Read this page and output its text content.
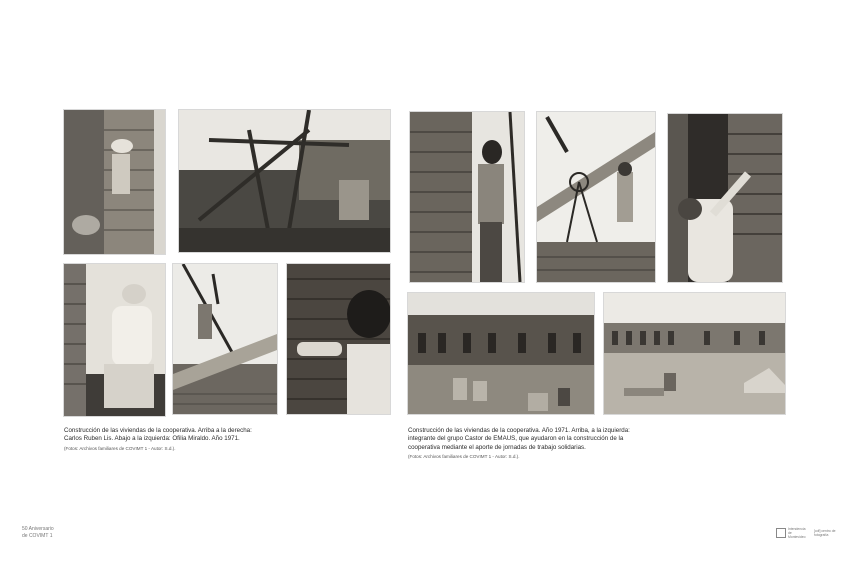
Construcción de las viviendas de la cooperativa. Arriba a la derecha:
Carlos Ruben Lis. Abajo a la izquierda: Ofilia Miraldo. Año 1971.
(Fotos: Archivos familiares de COVIMT 1 - Autor: S.d.).
Construcción de las viviendas de la cooperativa. Año 1971. Arriba, a la izquierda:
integrante del grupo Castor de EMAUS, que ayudaron en la construcción de la
cooperativa mediante el aporte de jornadas de trabajo solidarias.
(Fotos: Archivos familiares de COVIMT 1 - Autor: S.d.).
50 Aniversario
de COVIMT 1
Intendencia de Montevideo
[cdf] centro de fotografía
